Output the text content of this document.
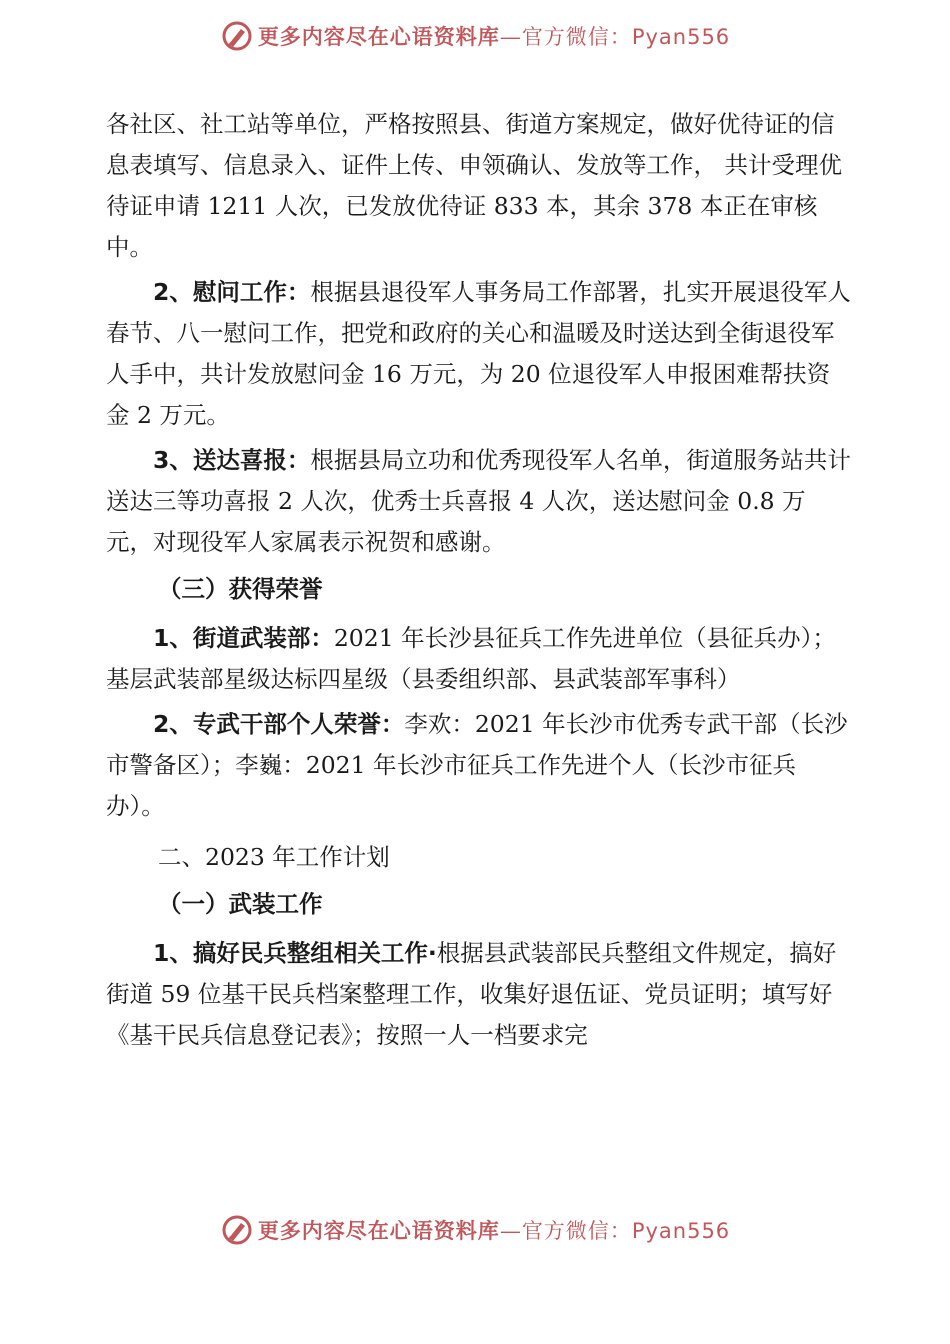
更多内容尽在心语资料库—官方微信：Pyan556

各社区、社工站等单位，严格按照县、街道方案规定，做好优待证的信息表填写、信息录入、证件上传、申领确认、发放等工作， 共计受理优待证申请 1211 人次，已发放优待证 833 本，其余 378 本正在审核中。

2、慰问工作：根据县退役军人事务局工作部署，扎实开展退役军人春节、八一慰问工作，把党和政府的关心和温暖及时送达到全街退役军人手中，共计发放慰问金 16 万元，为 20 位退役军人申报困难帮扶资金 2 万元。

3、送达喜报：根据县局立功和优秀现役军人名单，街道服务站共计送达三等功喜报 2 人次，优秀士兵喜报 4 人次，送达慰问金 0.8 万元，对现役军人家属表示祝贺和感谢。

（三）获得荣誉

1、街道武装部：2021 年长沙县征兵工作先进单位（县征兵办）；基层武装部星级达标四星级（县委组织部、县武装部军事科）

2、专武干部个人荣誉：李欢：2021 年长沙市优秀专武干部（长沙市警备区）；李巍：2021 年长沙市征兵工作先进个人（长沙市征兵办）。

二、2023 年工作计划
（一）武装工作

1、搞好民兵整组相关工作·根据县武装部民兵整组文件规定，搞好街道 59 位基干民兵档案整理工作，收集好退伍证、党员证明；填写好《基干民兵信息登记表》；按照一人一档要求完

更多内容尽在心语资料库—官方微信：Pyan556
